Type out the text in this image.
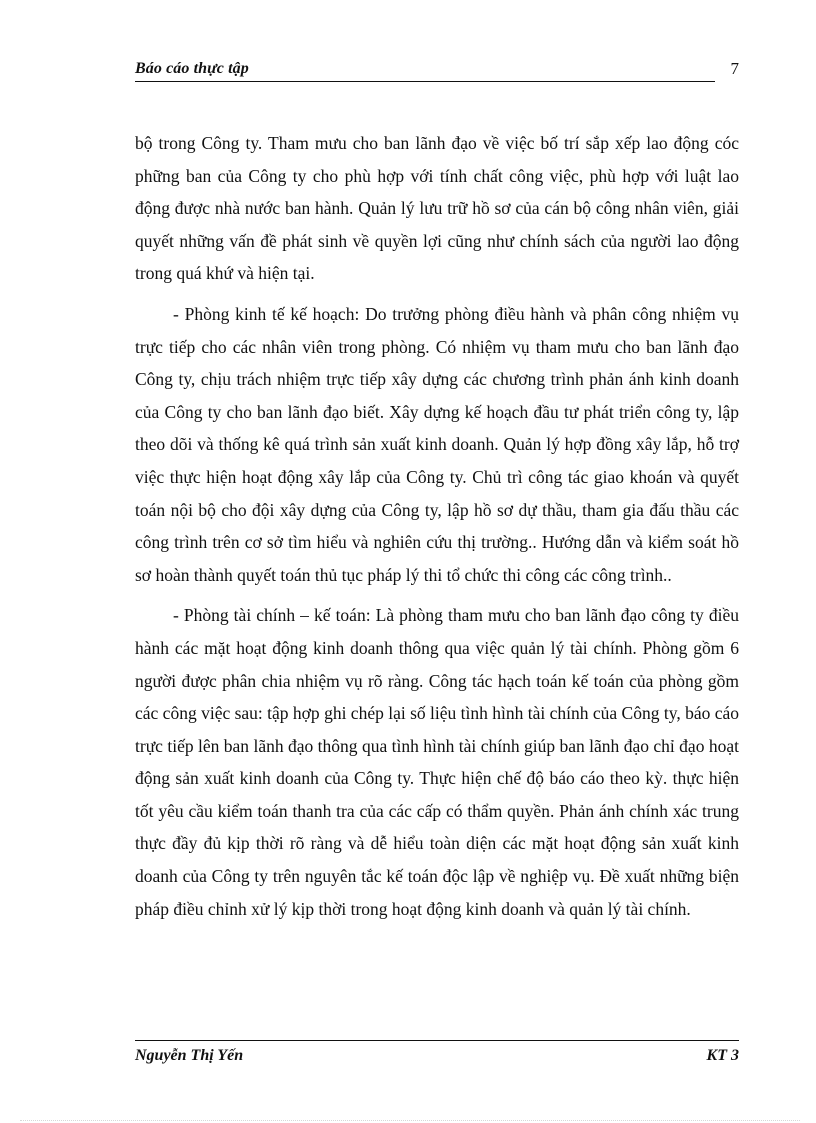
Báo cáo thực tập	7

bộ trong Công ty. Tham mưu cho ban lãnh đạo về việc bố trí sắp xếp lao động cóc phững ban của Công ty cho phù hợp với tính chất công việc, phù hợp với luật lao động được nhà nước ban hành. Quản lý lưu trữ hồ sơ của cán bộ công nhân viên, giải quyết những vấn đề phát sinh về quyền lợi cũng như chính sách của người lao động trong quá khứ và hiện tại.

- Phòng kinh tế kế hoạch: Do trưởng phòng điều hành và phân công nhiệm vụ trực tiếp cho các nhân viên trong phòng. Có nhiệm vụ tham mưu cho ban lãnh đạo Công ty, chịu trách nhiệm trực tiếp xây dựng các chương trình phản ánh kinh doanh của Công ty cho ban lãnh đạo biết. Xây dựng kế hoạch đầu tư phát triển công ty, lập theo dõi và thống kê quá trình sản xuất kinh doanh. Quản lý hợp đồng xây lắp, hỗ trợ việc thực hiện hoạt động xây lắp của Công ty. Chủ trì công tác giao khoán và quyết toán nội bộ cho đội xây dựng của Công ty, lập hồ sơ dự thầu, tham gia đấu thầu các công trình trên cơ sở tìm hiểu và nghiên cứu thị trường.. Hướng dẫn và kiểm soát hồ sơ hoàn thành quyết toán thủ tục pháp lý thi tổ chức thi công các công trình..

- Phòng tài chính – kế toán: Là phòng tham mưu cho ban lãnh đạo công ty điều hành các mặt hoạt động kinh doanh thông qua việc quản lý tài chính. Phòng gồm 6 người được phân chia nhiệm vụ rõ ràng. Công tác hạch toán kế toán của phòng gồm các công việc sau: tập hợp ghi chép lại số liệu tình hình tài chính của Công ty, báo cáo trực tiếp lên ban lãnh đạo thông qua tình hình tài chính giúp ban lãnh đạo chỉ đạo hoạt động sản xuất kinh doanh của Công ty. Thực hiện chế độ báo cáo theo kỳ. thực hiện tốt yêu cầu kiểm toán thanh tra của các cấp có thẩm quyền. Phản ánh chính xác trung thực đầy đủ kịp thời rõ ràng và dễ hiểu toàn diện các mặt hoạt động sản xuất kinh doanh của Công ty trên nguyên tắc kế toán độc lập về nghiệp vụ. Đề xuất những biện pháp điều chỉnh xử lý kịp thời trong hoạt động kinh doanh và quản lý tài chính.

Nguyễn Thị Yến	KT 3
